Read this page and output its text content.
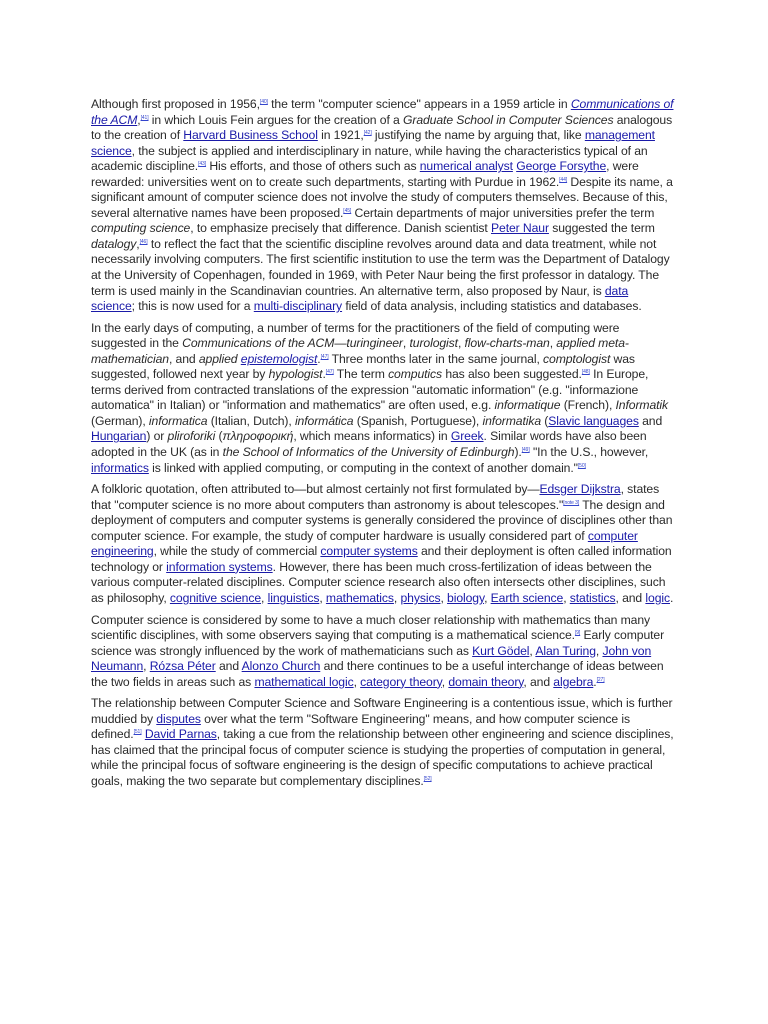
Although first proposed in 1956,[40] the term "computer science" appears in a 1959 article in Communications of the ACM,[41] in which Louis Fein argues for the creation of a Graduate School in Computer Sciences analogous to the creation of Harvard Business School in 1921,[42] justifying the name by arguing that, like management science, the subject is applied and interdisciplinary in nature, while having the characteristics typical of an academic discipline.[43] His efforts, and those of others such as numerical analyst George Forsythe, were rewarded: universities went on to create such departments, starting with Purdue in 1962.[44] Despite its name, a significant amount of computer science does not involve the study of computers themselves. Because of this, several alternative names have been proposed.[45] Certain departments of major universities prefer the term computing science, to emphasize precisely that difference. Danish scientist Peter Naur suggested the term datalogy,[46] to reflect the fact that the scientific discipline revolves around data and data treatment, while not necessarily involving computers. The first scientific institution to use the term was the Department of Datalogy at the University of Copenhagen, founded in 1969, with Peter Naur being the first professor in datalogy. The term is used mainly in the Scandinavian countries. An alternative term, also proposed by Naur, is data science; this is now used for a multi-disciplinary field of data analysis, including statistics and databases.

In the early days of computing, a number of terms for the practitioners of the field of computing were suggested in the Communications of the ACM—turingineer, turologist, flow-charts-man, applied meta-mathematician, and applied epistemologist.[47] Three months later in the same journal, comptologist was suggested, followed next year by hypologist.[47] The term computics has also been suggested.[48] In Europe, terms derived from contracted translations of the expression "automatic information" (e.g. "informazione automatica" in Italian) or "information and mathematics" are often used, e.g. informatique (French), Informatik (German), informatica (Italian, Dutch), informática (Spanish, Portuguese), informatika (Slavic languages and Hungarian) or pliroforiki (πληροφορική, which means informatics) in Greek. Similar words have also been adopted in the UK (as in the School of Informatics of the University of Edinburgh).[49] "In the U.S., however, informatics is linked with applied computing, or computing in the context of another domain."[50]

A folkloric quotation, often attributed to—but almost certainly not first formulated by—Edsger Dijkstra, states that "computer science is no more about computers than astronomy is about telescopes."[note 3] The design and deployment of computers and computer systems is generally considered the province of disciplines other than computer science. For example, the study of computer hardware is usually considered part of computer engineering, while the study of commercial computer systems and their deployment is often called information technology or information systems. However, there has been much cross-fertilization of ideas between the various computer-related disciplines. Computer science research also often intersects other disciplines, such as philosophy, cognitive science, linguistics, mathematics, physics, biology, Earth science, statistics, and logic.

Computer science is considered by some to have a much closer relationship with mathematics than many scientific disciplines, with some observers saying that computing is a mathematical science.[9] Early computer science was strongly influenced by the work of mathematicians such as Kurt Gödel, Alan Turing, John von Neumann, Rózsa Péter and Alonzo Church and there continues to be a useful interchange of ideas between the two fields in areas such as mathematical logic, category theory, domain theory, and algebra.[27]

The relationship between Computer Science and Software Engineering is a contentious issue, which is further muddied by disputes over what the term "Software Engineering" means, and how computer science is defined.[51] David Parnas, taking a cue from the relationship between other engineering and science disciplines, has claimed that the principal focus of computer science is studying the properties of computation in general, while the principal focus of software engineering is the design of specific computations to achieve practical goals, making the two separate but complementary disciplines.[52]
